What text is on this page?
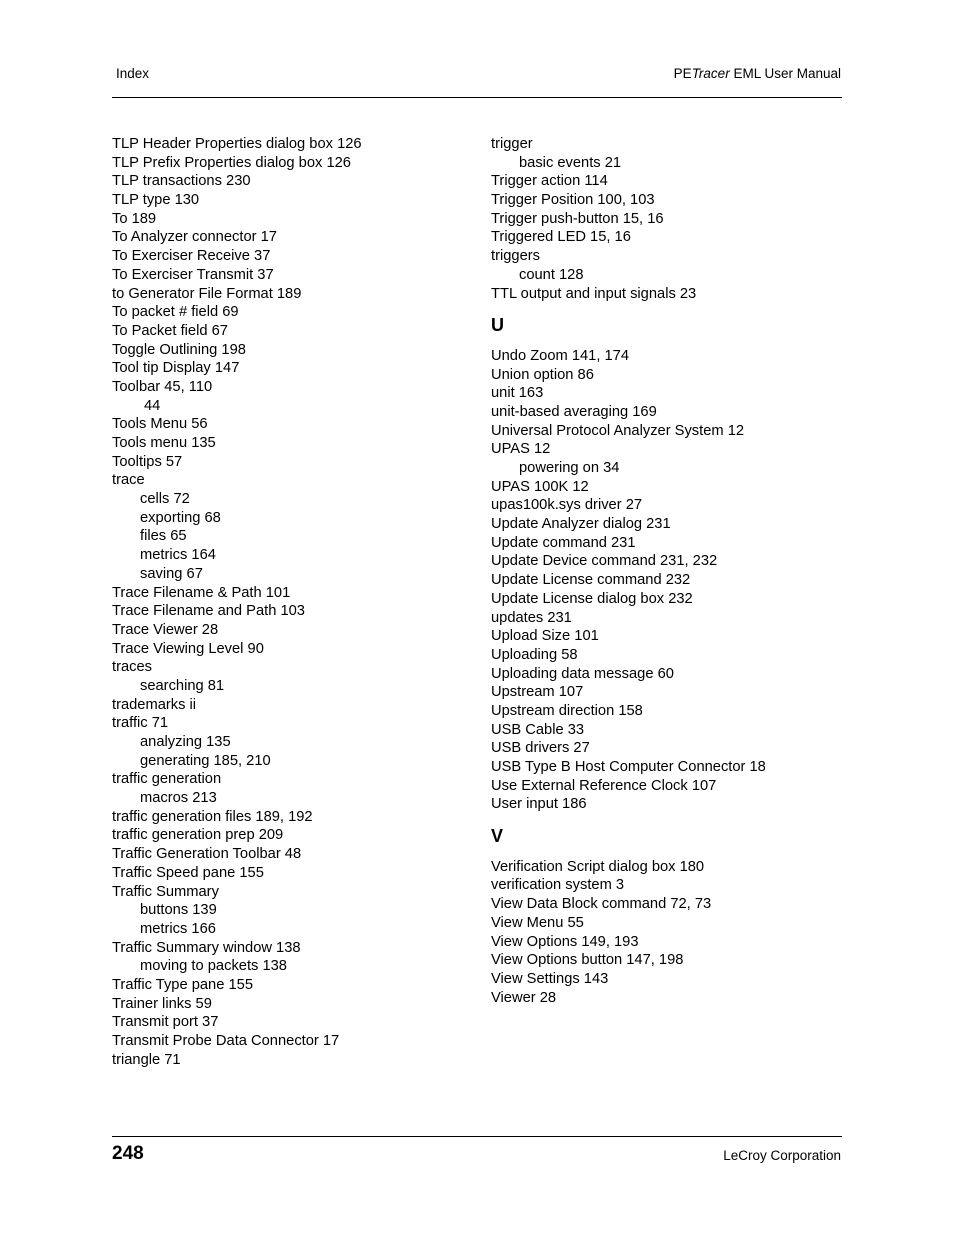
Index	PETracer EML User Manual
TLP Header Properties dialog box 126
TLP Prefix Properties dialog box 126
TLP transactions 230
TLP type 130
To 189
To Analyzer connector 17
To Exerciser Receive 37
To Exerciser Transmit 37
to Generator File Format 189
To packet # field 69
To Packet field 67
Toggle Outlining 198
Tool tip Display 147
Toolbar 45, 110
44
Tools Menu 56
Tools menu 135
Tooltips 57
trace
cells 72
exporting 68
files 65
metrics 164
saving 67
Trace Filename & Path 101
Trace Filename and Path 103
Trace Viewer 28
Trace Viewing Level 90
traces
searching 81
trademarks ii
traffic 71
analyzing 135
generating 185, 210
traffic generation
macros 213
traffic generation files 189, 192
traffic generation prep 209
Traffic Generation Toolbar 48
Traffic Speed pane 155
Traffic Summary
buttons 139
metrics 166
Traffic Summary window 138
moving to packets 138
Traffic Type pane 155
Trainer links 59
Transmit port 37
Transmit Probe Data Connector 17
triangle 71
trigger
basic events 21
Trigger action 114
Trigger Position 100, 103
Trigger push-button 15, 16
Triggered LED 15, 16
triggers
count 128
TTL output and input signals 23
U
Undo Zoom 141, 174
Union option 86
unit 163
unit-based averaging 169
Universal Protocol Analyzer System 12
UPAS 12
powering on 34
UPAS 100K 12
upas100k.sys driver 27
Update Analyzer dialog 231
Update command 231
Update Device command 231, 232
Update License command 232
Update License dialog box 232
updates 231
Upload Size 101
Uploading 58
Uploading data message 60
Upstream 107
Upstream direction 158
USB Cable 33
USB drivers 27
USB Type B Host Computer Connector 18
Use External Reference Clock 107
User input 186
V
Verification Script dialog box 180
verification system 3
View Data Block command 72, 73
View Menu 55
View Options 149, 193
View Options button 147, 198
View Settings 143
Viewer 28
248	LeCroy Corporation
